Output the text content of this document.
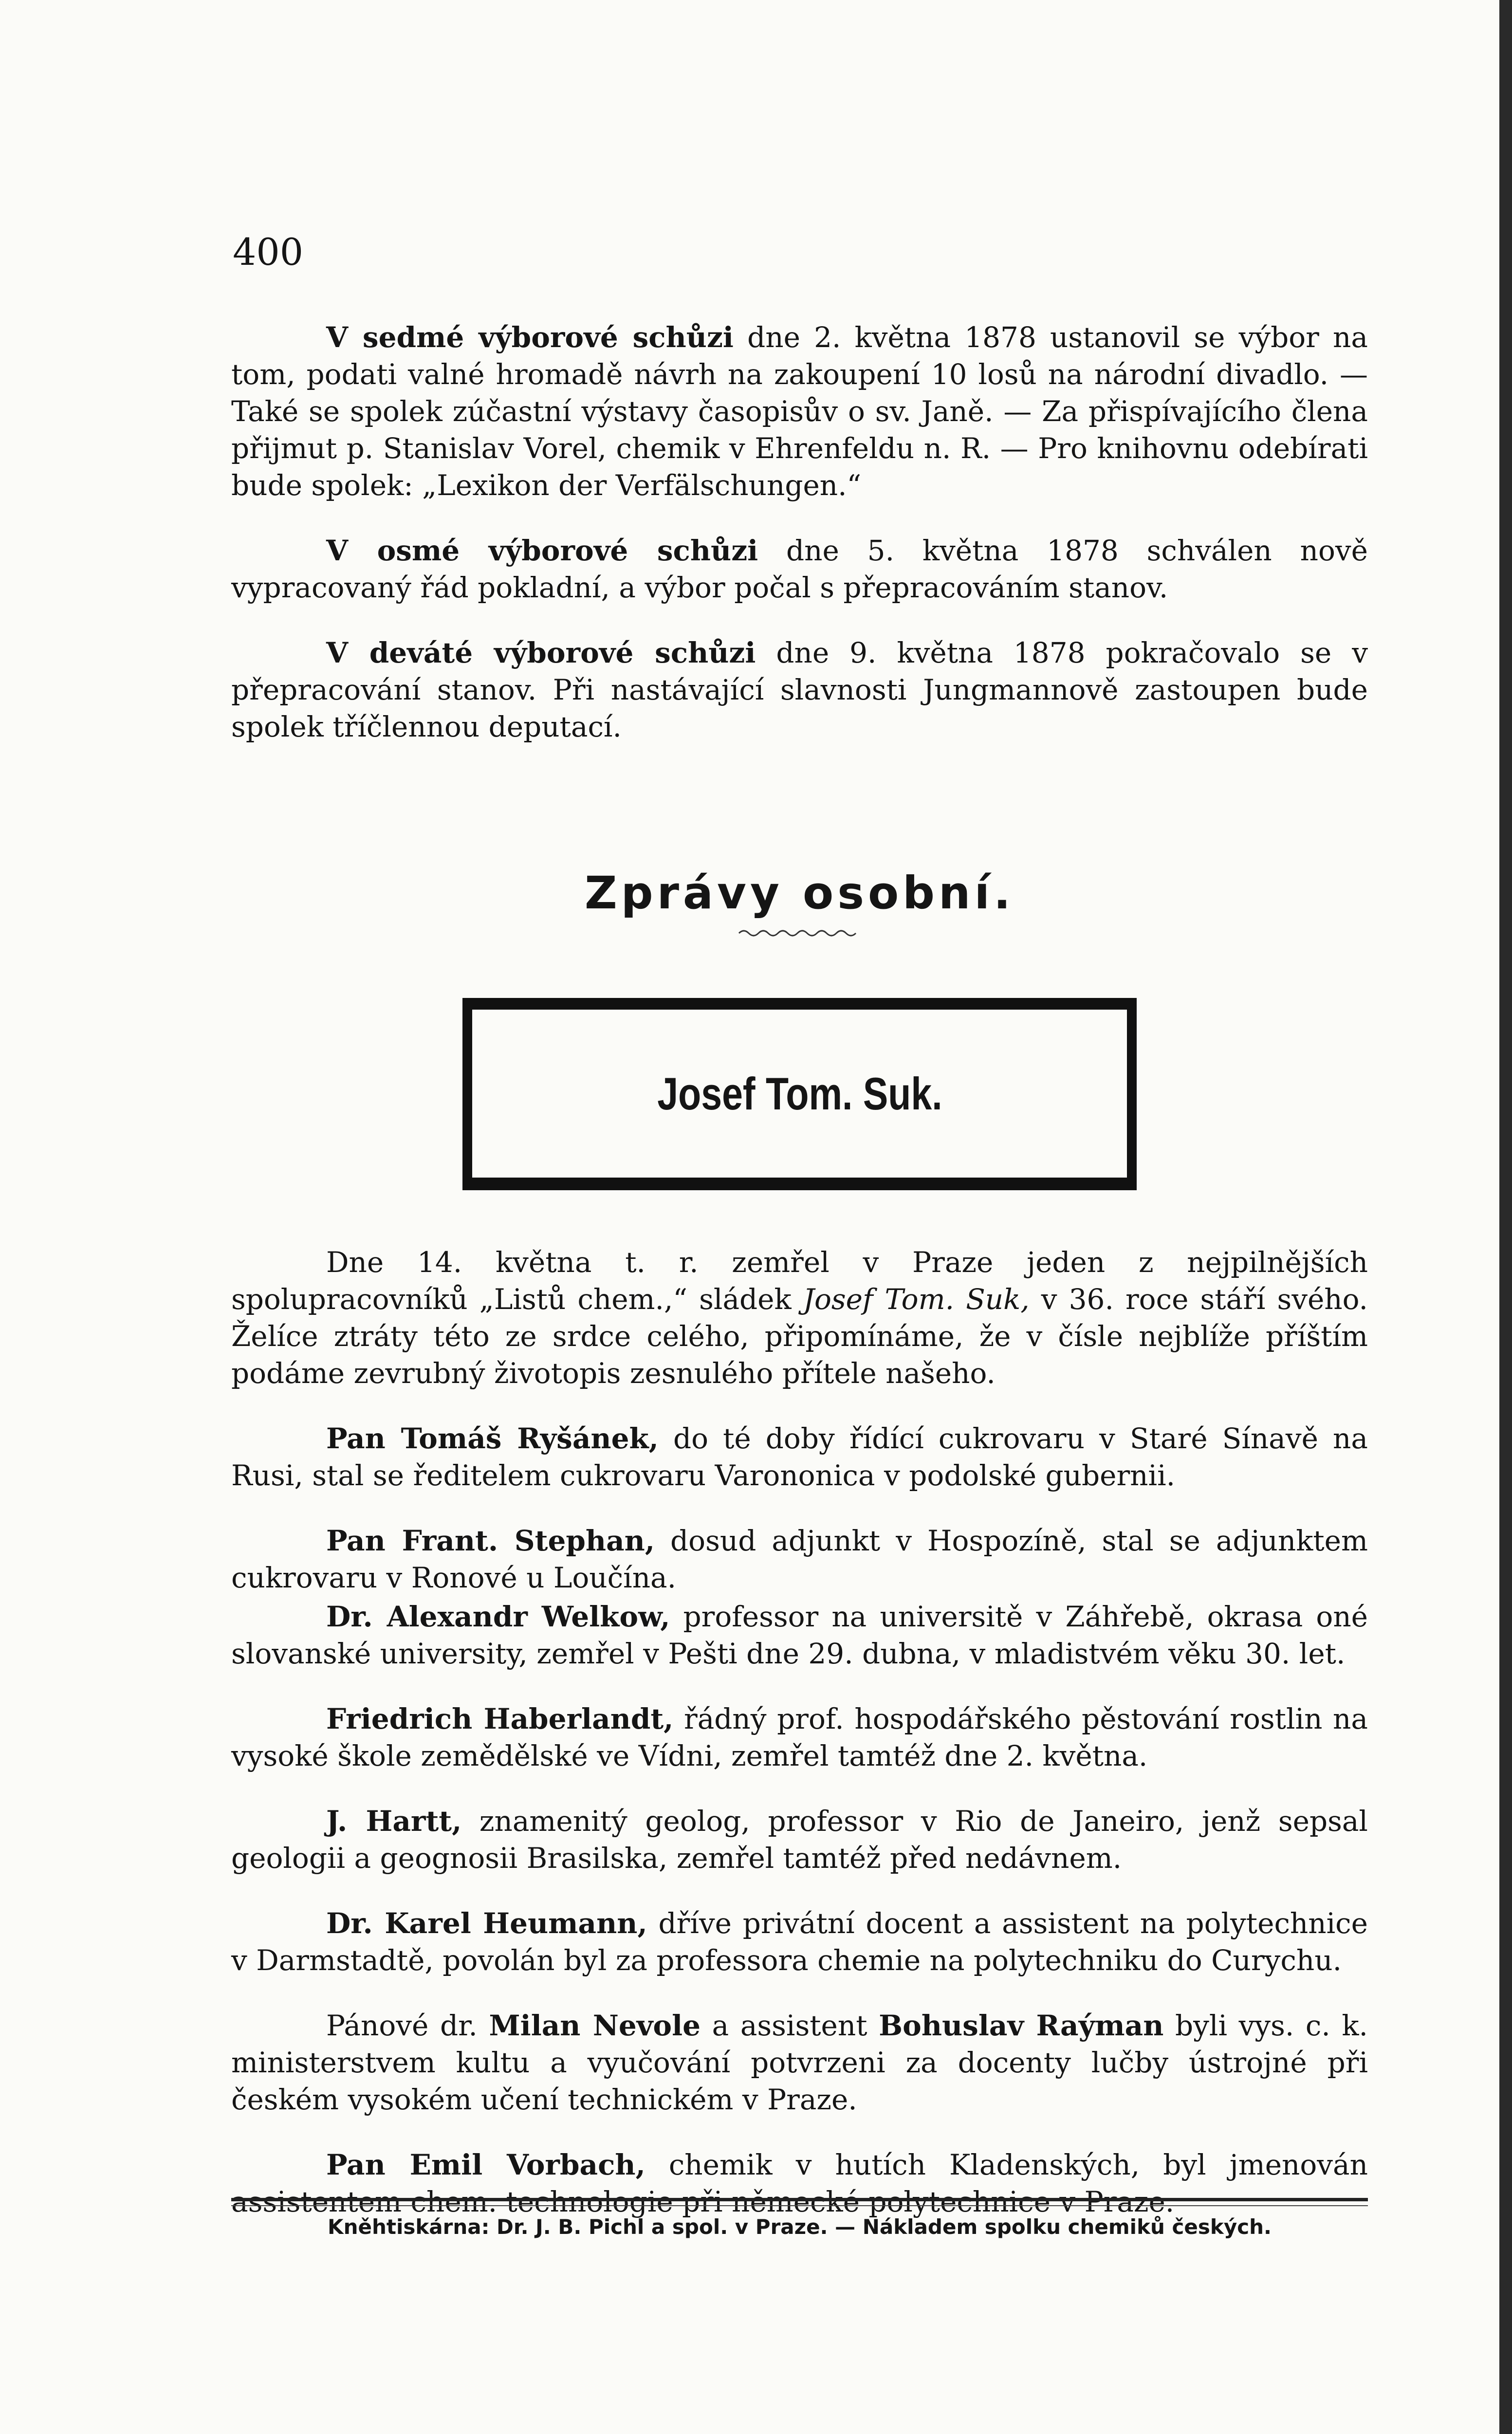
400

V sedmé výborové schůzi dne 2. května 1878 ustanovil se výbor na tom, podati valné hromadě návrh na zakoupení 10 losů na národní divadlo. — Také se spolek zúčastní výstavy časopisův o sv. Janě. — Za přispívajícího člena přijmut p. Stanislav Vorel, chemik v Ehrenfeldu n. R. — Pro knihovnu odebírati bude spolek: „Lexikon der Verfälschungen.“

V osmé výborové schůzi dne 5. května 1878 schválen nově vypracovaný řád pokladní, a výbor počal s přepracováním stanov.

V deváté výborové schůzi dne 9. května 1878 pokračovalo se v přepracování stanov. Při nastávající slavnosti Jungmannově zastoupen bude spolek tříčlennou deputací.

Zprávy osobní.
Josef Tom. Suk.

Dne 14. května t. r. zemřel v Praze jeden z nejpilnějších spolupracovníků „Listů chem.,“ sládek Josef Tom. Suk, v 36. roce stáří svého. Želíce ztráty této ze srdce celého, připomínáme, že v čísle nejblíže příštím podáme zevrubný životopis zesnulého přítele našeho.

Pan Tomáš Ryšánek, do té doby řídící cukrovaru v Staré Sínavě na Rusi, stal se ředitelem cukrovaru Varononica v podolské gubernii.

Pan Frant. Stephan, dosud adjunkt v Hospozíně, stal se adjunktem cukrovaru v Ronové u Loučína.

Dr. Alexandr Welkow, professor na universitě v Záhřebě, okrasa oné slovanské university, zemřel v Pešti dne 29. dubna, v mladistvém věku 30. let.

Friedrich Haberlandt, řádný prof. hospodářského pěstování rostlin na vysoké škole zemědělské ve Vídni, zemřel tamtéž dne 2. května.

J. Hartt, znamenitý geolog, professor v Rio de Janeiro, jenž sepsal geologii a geognosii Brasilska, zemřel tamtéž před nedávnem.

Dr. Karel Heumann, dříve privátní docent a assistent na polytechnice v Darmstadtě, povolán byl za professora chemie na polytechniku do Curychu.

Pánové dr. Milan Nevole a assistent Bohuslav Raýman byli vys. c. k. ministerstvem kultu a vyučování potvrzeni za docenty lučby ústrojné při českém vysokém učení technickém v Praze.

Pan Emil Vorbach, chemik v hutích Kladenských, byl jmenován assistentem chem. technologie při německé polytechnice v Praze.

Kněhtiskárna: Dr. J. B. Pichl a spol. v Praze. — Nákladem spolku chemiků českých.
